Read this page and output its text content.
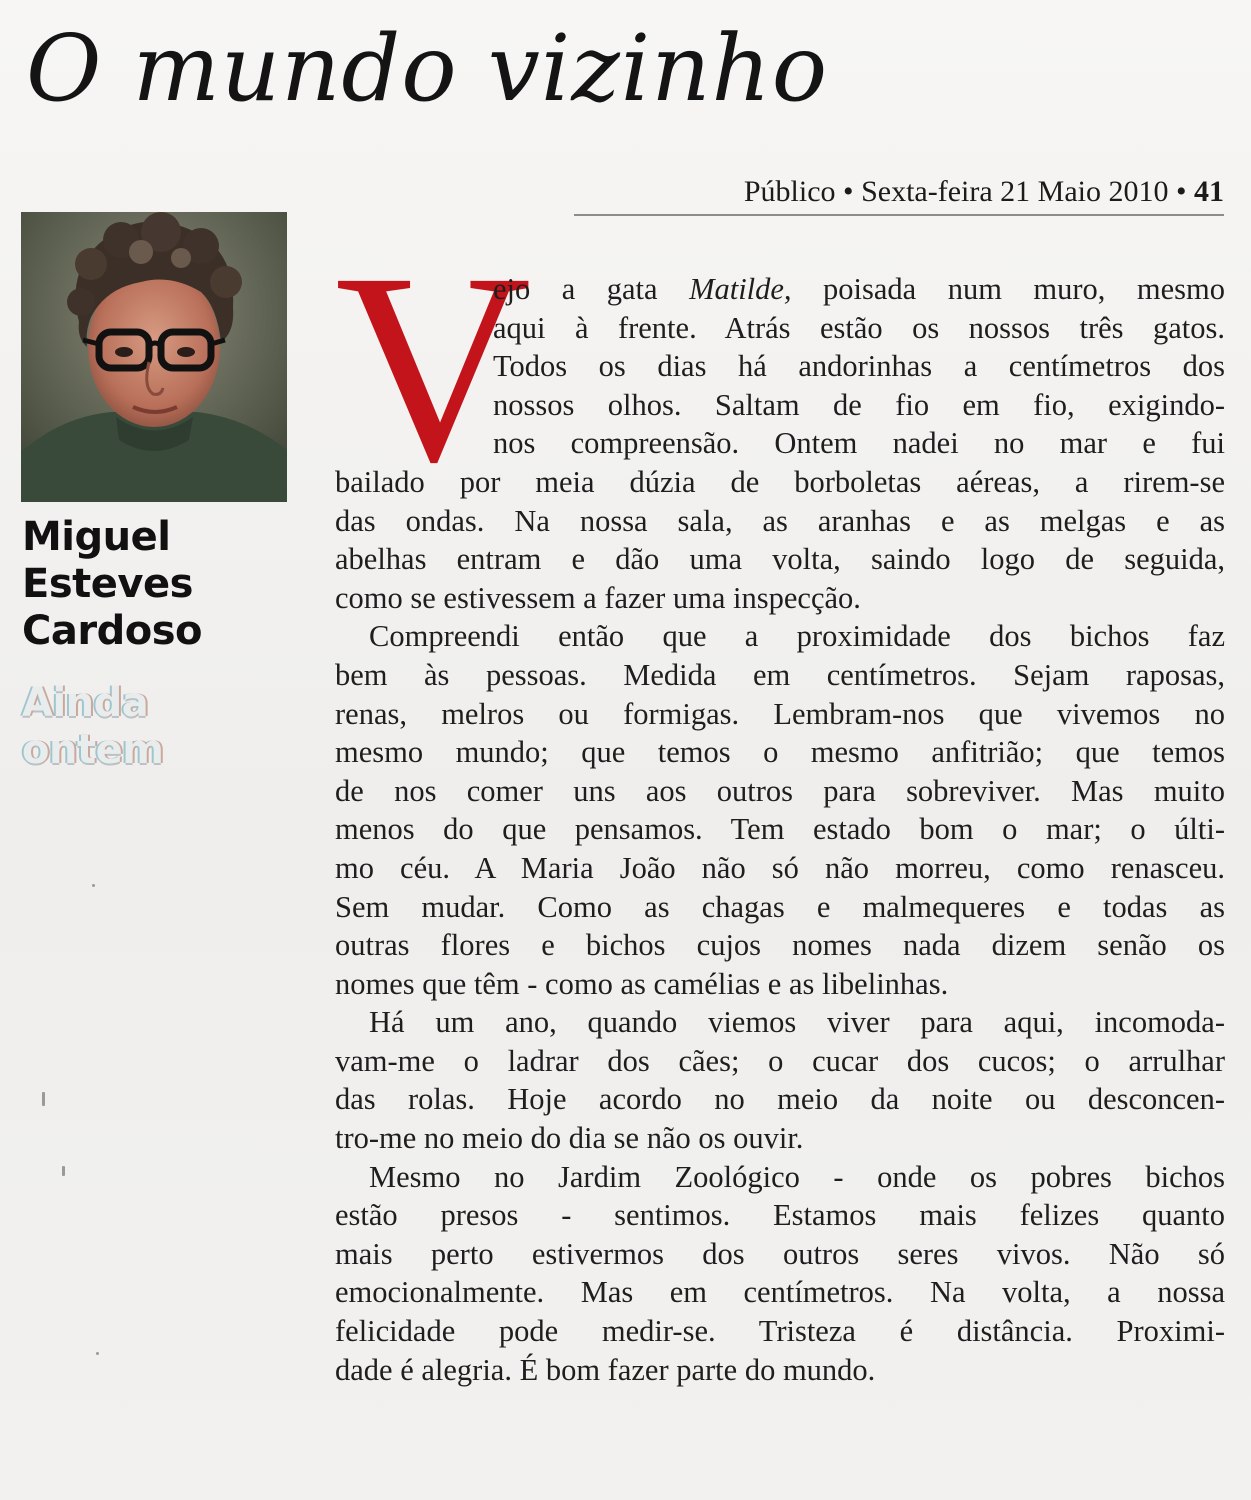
O mundo vizinho
Público • Sexta-feira 21 Maio 2010 • 41
Miguel
Esteves
Cardoso
Ainda
ontem
V
ejo a gata Matilde, poisada num muro, mesmo
aqui à frente. Atrás estão os nossos três gatos.
Todos os dias há andorinhas a centímetros dos
nossos olhos. Saltam de fio em fio, exigindo-
nos compreensão. Ontem nadei no mar e fui
bailado por meia dúzia de borboletas aéreas, a rirem-se
das ondas. Na nossa sala, as aranhas e as melgas e as
abelhas entram e dão uma volta, saindo logo de seguida,
como se estivessem a fazer uma inspecção.
Compreendi então que a proximidade dos bichos faz
bem às pessoas. Medida em centímetros. Sejam raposas,
renas, melros ou formigas. Lembram-nos que vivemos no
mesmo mundo; que temos o mesmo anfitrião; que temos
de nos comer uns aos outros para sobreviver. Mas muito
menos do que pensamos. Tem estado bom o mar; o últi-
mo céu. A Maria João não só não morreu, como renasceu.
Sem mudar. Como as chagas e malmequeres e todas as
outras flores e bichos cujos nomes nada dizem senão os
nomes que têm - como as camélias e as libelinhas.
Há um ano, quando viemos viver para aqui, incomoda-
vam-me o ladrar dos cães; o cucar dos cucos; o arrulhar
das rolas. Hoje acordo no meio da noite ou desconcen-
tro-me no meio do dia se não os ouvir.
Mesmo no Jardim Zoológico - onde os pobres bichos
estão presos - sentimos. Estamos mais felizes quanto
mais perto estivermos dos outros seres vivos. Não só
emocionalmente. Mas em centímetros. Na volta, a nossa
felicidade pode medir-se. Tristeza é distância. Proximi-
dade é alegria. É bom fazer parte do mundo.
